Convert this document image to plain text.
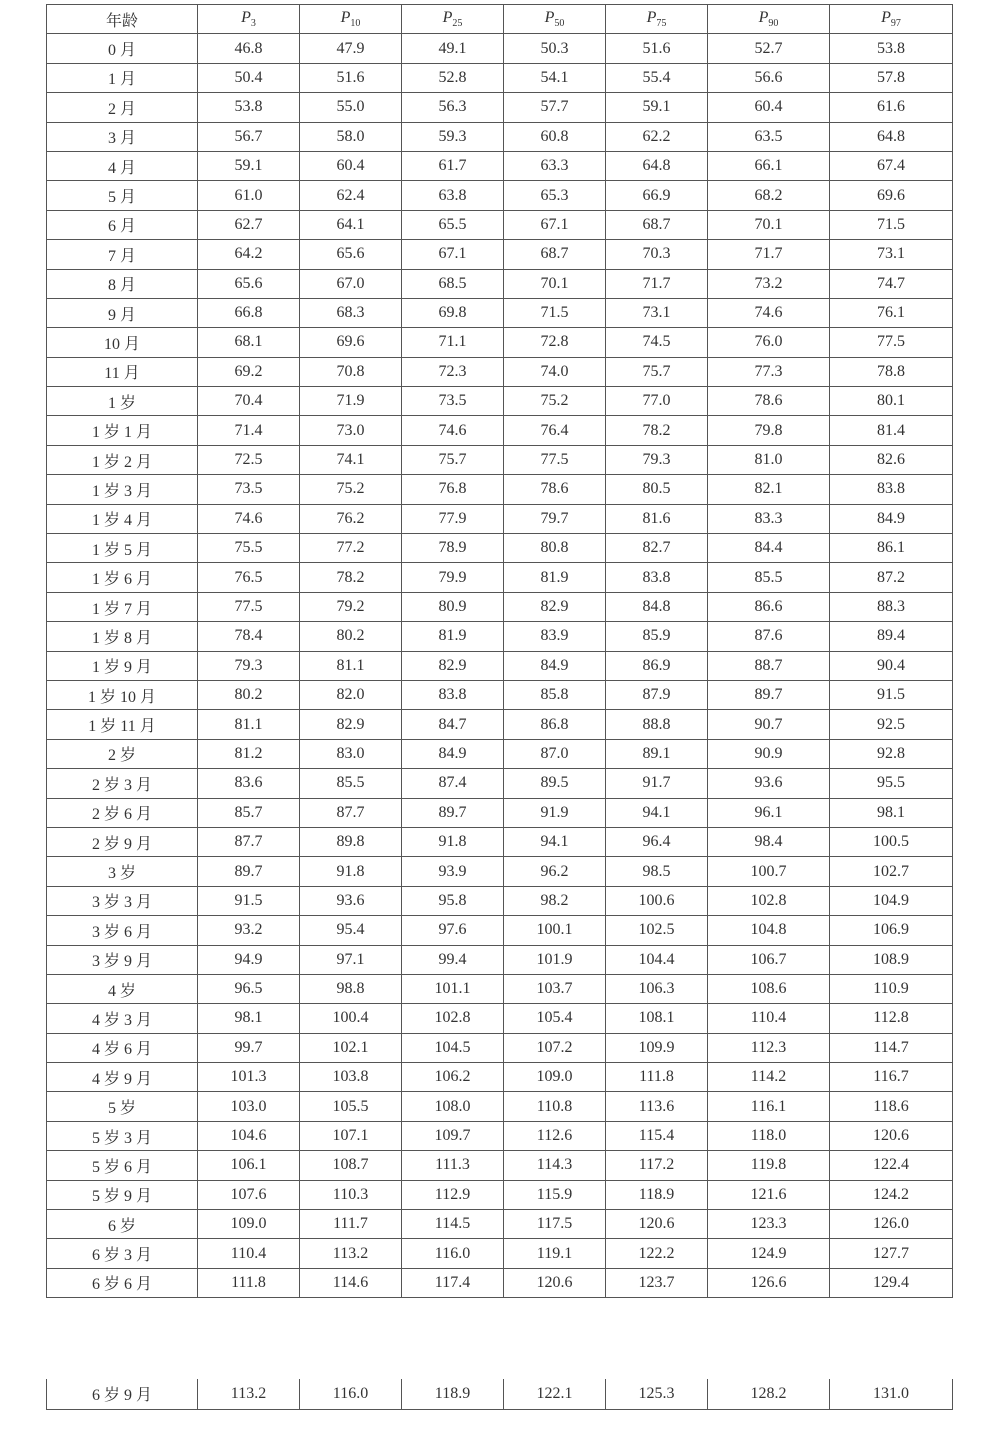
年龄	$P_3$	$P_{10}$	$P_{25}$	$P_{50}$	$P_{75}$	$P_{90}$	$P_{97}$
0 月	46.8	47.9	49.1	50.3	51.6	52.7	53.8
1 月	50.4	51.6	52.8	54.1	55.4	56.6	57.8
2 月	53.8	55.0	56.3	57.7	59.1	60.4	61.6
3 月	56.7	58.0	59.3	60.8	62.2	63.5	64.8
4 月	59.1	60.4	61.7	63.3	64.8	66.1	67.4
5 月	61.0	62.4	63.8	65.3	66.9	68.2	69.6
6 月	62.7	64.1	65.5	67.1	68.7	70.1	71.5
7 月	64.2	65.6	67.1	68.7	70.3	71.7	73.1
8 月	65.6	67.0	68.5	70.1	71.7	73.2	74.7
9 月	66.8	68.3	69.8	71.5	73.1	74.6	76.1
10 月	68.1	69.6	71.1	72.8	74.5	76.0	77.5
11 月	69.2	70.8	72.3	74.0	75.7	77.3	78.8
1 岁	70.4	71.9	73.5	75.2	77.0	78.6	80.1
1 岁 1 月	71.4	73.0	74.6	76.4	78.2	79.8	81.4
1 岁 2 月	72.5	74.1	75.7	77.5	79.3	81.0	82.6
1 岁 3 月	73.5	75.2	76.8	78.6	80.5	82.1	83.8
1 岁 4 月	74.6	76.2	77.9	79.7	81.6	83.3	84.9
1 岁 5 月	75.5	77.2	78.9	80.8	82.7	84.4	86.1
1 岁 6 月	76.5	78.2	79.9	81.9	83.8	85.5	87.2
1 岁 7 月	77.5	79.2	80.9	82.9	84.8	86.6	88.3
1 岁 8 月	78.4	80.2	81.9	83.9	85.9	87.6	89.4
1 岁 9 月	79.3	81.1	82.9	84.9	86.9	88.7	90.4
1 岁 10 月	80.2	82.0	83.8	85.8	87.9	89.7	91.5
1 岁 11 月	81.1	82.9	84.7	86.8	88.8	90.7	92.5
2 岁	81.2	83.0	84.9	87.0	89.1	90.9	92.8
2 岁 3 月	83.6	85.5	87.4	89.5	91.7	93.6	95.5
2 岁 6 月	85.7	87.7	89.7	91.9	94.1	96.1	98.1
2 岁 9 月	87.7	89.8	91.8	94.1	96.4	98.4	100.5
3 岁	89.7	91.8	93.9	96.2	98.5	100.7	102.7
3 岁 3 月	91.5	93.6	95.8	98.2	100.6	102.8	104.9
3 岁 6 月	93.2	95.4	97.6	100.1	102.5	104.8	106.9
3 岁 9 月	94.9	97.1	99.4	101.9	104.4	106.7	108.9
4 岁	96.5	98.8	101.1	103.7	106.3	108.6	110.9
4 岁 3 月	98.1	100.4	102.8	105.4	108.1	110.4	112.8
4 岁 6 月	99.7	102.1	104.5	107.2	109.9	112.3	114.7
4 岁 9 月	101.3	103.8	106.2	109.0	111.8	114.2	116.7
5 岁	103.0	105.5	108.0	110.8	113.6	116.1	118.6
5 岁 3 月	104.6	107.1	109.7	112.6	115.4	118.0	120.6
5 岁 6 月	106.1	108.7	111.3	114.3	117.2	119.8	122.4
5 岁 9 月	107.6	110.3	112.9	115.9	118.9	121.6	124.2
6 岁	109.0	111.7	114.5	117.5	120.6	123.3	126.0
6 岁 3 月	110.4	113.2	116.0	119.1	122.2	124.9	127.7
6 岁 6 月	111.8	114.6	117.4	120.6	123.7	126.6	129.4
6 岁 9 月	113.2	116.0	118.9	122.1	125.3	128.2	131.0
